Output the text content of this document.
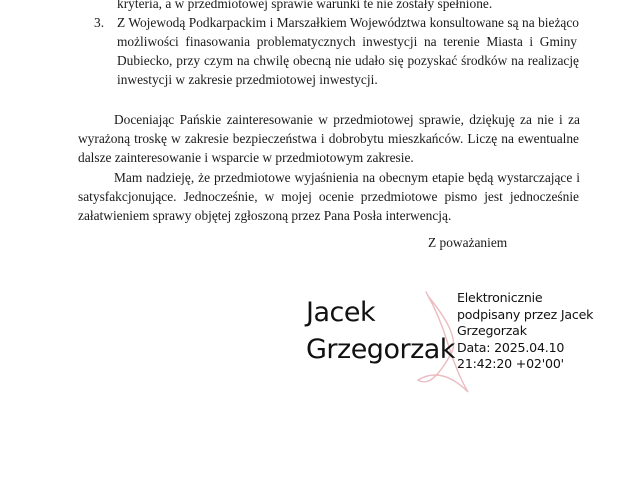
kryteria, a w przedmiotowej sprawie warunki te nie zostały spełnione.
3. Z Wojewodą Podkarpackim i Marszałkiem Województwa konsultowane są na bieżąco
możliwości finasowania problematycznych inwestycji na terenie Miasta i Gminy
Dubiecko, przy czym na chwilę obecną nie udało się pozyskać środków na realizację
inwestycji w zakresie przedmiotowej inwestycji.
Doceniając Pańskie zainteresowanie w przedmiotowej sprawie, dziękuję za nie i za
wyrażoną troskę w zakresie bezpieczeństwa i dobrobytu mieszkańców. Liczę na ewentualne
dalsze zainteresowanie i wsparcie w przedmiotowym zakresie.
Mam nadzieję, że przedmiotowe wyjaśnienia na obecnym etapie będą wystarczające i
satysfakcjonujące. Jednocześnie, w mojej ocenie przedmiotowe pismo jest jednocześnie
załatwieniem sprawy objętej zgłoszoną przez Pana Posła interwencją.
Z poważaniem
Jacek
Grzegorzak
Elektronicznie
podpisany przez Jacek
Grzegorzak
Data: 2025.04.10
21:42:20 +02'00'
